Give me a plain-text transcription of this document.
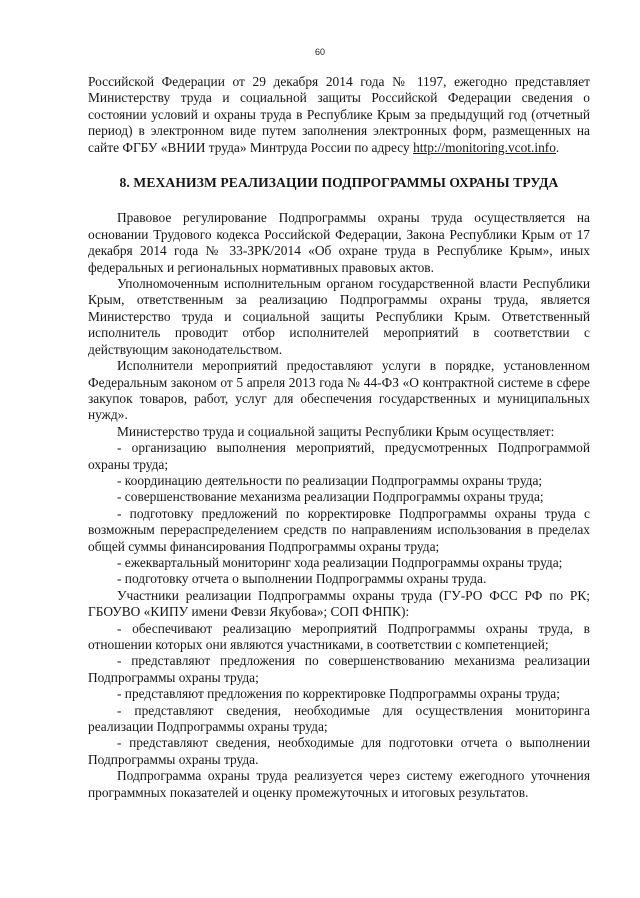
60

Российской Федерации от 29 декабря 2014 года № 1197, ежегодно представляет Министерству труда и социальной защиты Российской Федерации сведения о состоянии условий и охраны труда в Республике Крым за предыдущий год (отчетный период) в электронном виде путем заполнения электронных форм, размещенных на сайте ФГБУ «ВНИИ труда» Минтруда России по адресу http://monitoring.vcot.info.

8. МЕХАНИЗМ РЕАЛИЗАЦИИ ПОДПРОГРАММЫ ОХРАНЫ ТРУДА

Правовое регулирование Подпрограммы охраны труда осуществляется на основании Трудового кодекса Российской Федерации, Закона Республики Крым от 17 декабря 2014 года № 33-ЗРК/2014 «Об охране труда в Республике Крым», иных федеральных и региональных нормативных правовых актов.

Уполномоченным исполнительным органом государственной власти Республики Крым, ответственным за реализацию Подпрограммы охраны труда, является Министерство труда и социальной защиты Республики Крым. Ответственный исполнитель проводит отбор исполнителей мероприятий в соответствии с действующим законодательством.

Исполнители мероприятий предоставляют услуги в порядке, установленном Федеральным законом от 5 апреля 2013 года № 44-ФЗ «О контрактной системе в сфере закупок товаров, работ, услуг для обеспечения государственных и муниципальных нужд».

Министерство труда и социальной защиты Республики Крым осуществляет:

- организацию выполнения мероприятий, предусмотренных Подпрограммой охраны труда;

- координацию деятельности по реализации Подпрограммы охраны труда;

- совершенствование механизма реализации Подпрограммы охраны труда;

- подготовку предложений по корректировке Подпрограммы охраны труда с возможным перераспределением средств по направлениям использования в пределах общей суммы финансирования Подпрограммы охраны труда;

- ежеквартальный мониторинг хода реализации Подпрограммы охраны труда;

- подготовку отчета о выполнении Подпрограммы охраны труда.

Участники реализации Подпрограммы охраны труда (ГУ-РО ФСС РФ по РК; ГБОУВО «КИПУ имени Февзи Якубова»; СОП ФНПК):

- обеспечивают реализацию мероприятий Подпрограммы охраны труда, в отношении которых они являются участниками, в соответствии с компетенцией;

- представляют предложения по совершенствованию механизма реализации Подпрограммы охраны труда;

- представляют предложения по корректировке Подпрограммы охраны труда;

- представляют сведения, необходимые для осуществления мониторинга реализации Подпрограммы охраны труда;

- представляют сведения, необходимые для подготовки отчета о выполнении Подпрограммы охраны труда.

Подпрограмма охраны труда реализуется через систему ежегодного уточнения программных показателей и оценку промежуточных и итоговых результатов.
